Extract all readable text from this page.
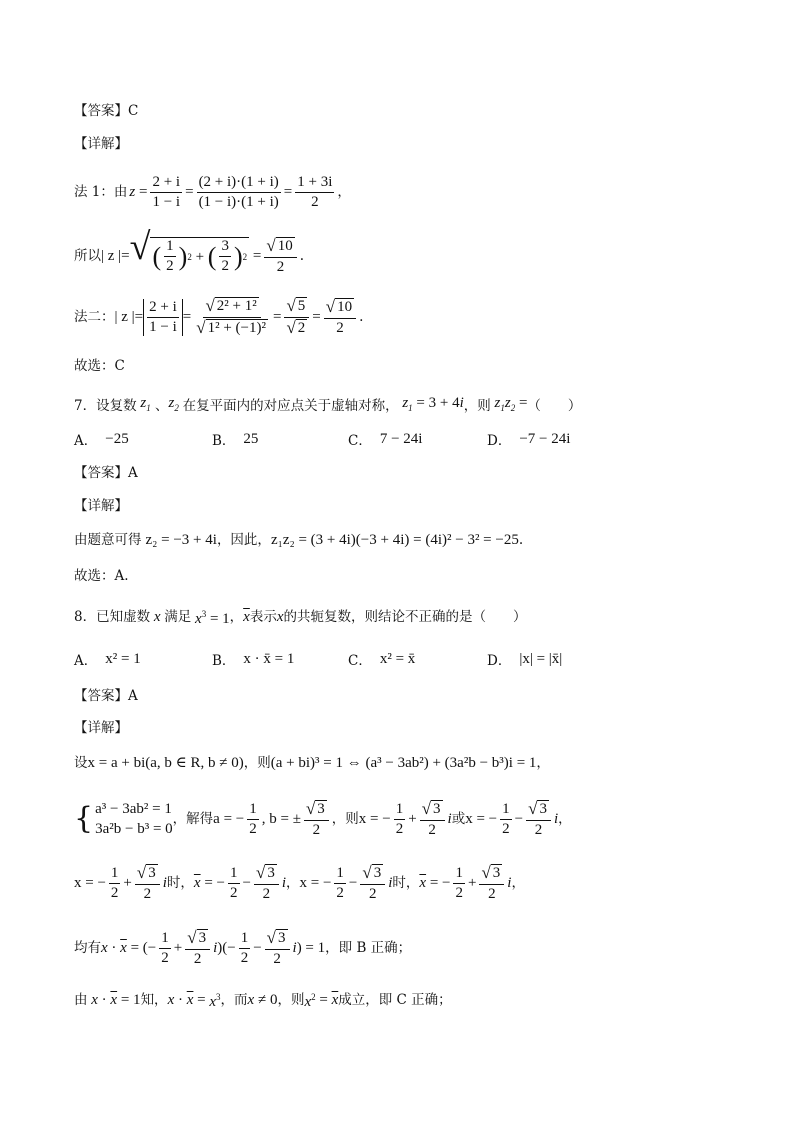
【答案】 C
【详解】
法 1：由 $z = \frac{2 + i}{1 - i} = \frac{(2 + i)\cdot(1 + i)}{(1 - i)\cdot(1 + i)} = \frac{1 + 3i}{2}$ ，
所以 | z |= √ ( $\frac{1}{2}$ ) 2 + ( $\frac{3}{2}$ ) $2 = \frac{√ 10}{2}$ .
法二： | z |= $\frac{2 + i}{1 - i} = \frac{\text{√ 2² + 1²}}{\text{√ 1² + (−1)²}} = \frac{√ 5}{√ 2} = \frac{√ 10}{2}$ .
故选：C
7．设复数 $z_1$ 、 $z_2$ 在复平面内的对应点关于虚轴对称， $z_1 = 3 + 4i$ ，则 $z_1z_2$ = （　　）
A． −25	B． 25	C． 7 − 24i	D． −7 − 24i
【答案】 A
【详解】
由题意可得 z₂ = −3 + 4i ，因此， z₁z₂ = (3 + 4i)(−3 + 4i) = (4i)² − 3² = −25 .
故选：A.
8．已知虚数 x 满足 $x^3 = 1$ ， $\overline{x}$ 表示 x 的共轭复数，则结论不正确的是（　　）
A． x² = 1	B． x · x̄ = 1	C． x² = x̄	D． |x| = |x̄|
【答案】 A
【详解】
设 x = a + bi(a, b ∈ R, b ≠ 0) ，则 (a + bi)³ = 1 ⇔ (a³ − 3ab²) + (3a²b − b³)i = 1 ，
{ a³ − 3ab² = 1
3a²b − b³ = 0
，解得 a = − $\frac{1}{2}$ , b = ± $\frac{√ 3}{2}$ ，则 x = − $\frac{1}{2} + \frac{√ 3}{2}$ i 或 x = − $\frac{1}{2} - \frac{√ 3}{2}$ i ，
x = − $\frac{1}{2} + \frac{√ 3}{2}$ i 时， $\overline{x}$ = − $\frac{1}{2} - \frac{√ 3}{2}$ i ， x = − $\frac{1}{2} - \frac{√ 3}{2}$ i 时， $\overline{x}$ = − $\frac{1}{2} + \frac{√ 3}{2}$ i ，
均有 $x \cdot \overline{x}$ = (− $\frac{1}{2} + \frac{√ 3}{2}$ i )(− $\frac{1}{2} - \frac{√ 3}{2}$ i ) = 1 ，即 B 正确；
由 $x \cdot \overline{x} = 1$ 知， $x \cdot \overline{x} = x^3$ ，而 x ≠ 0 ，则 $x^2 = \overline{x}$ 成立，即 C 正确；
